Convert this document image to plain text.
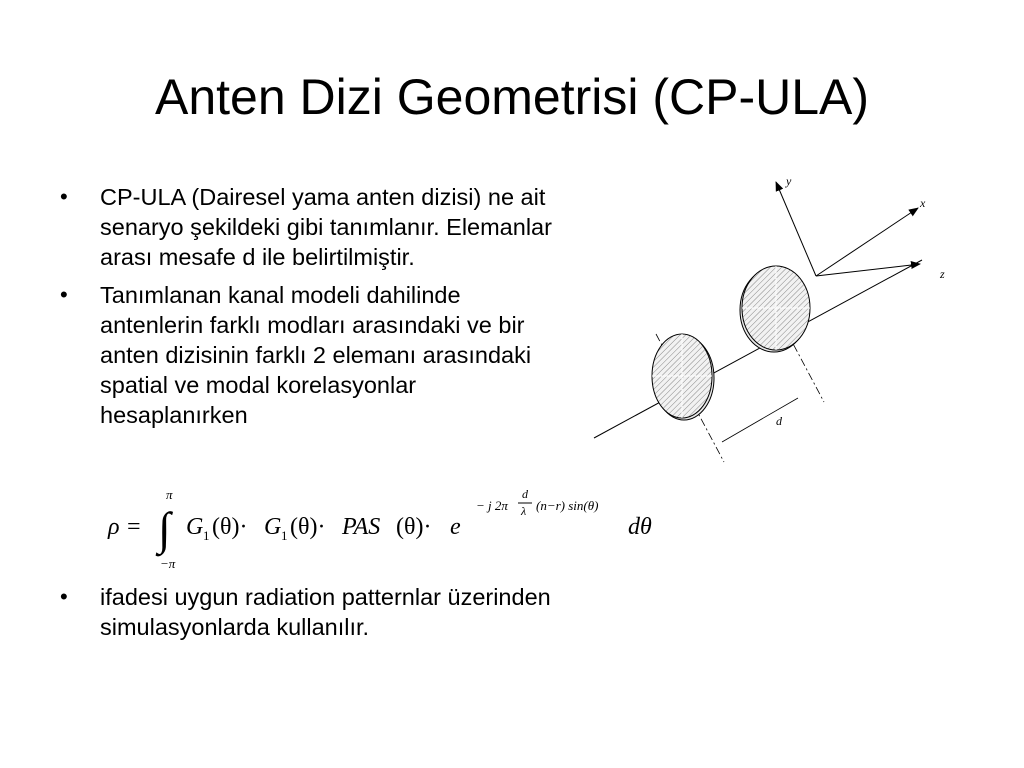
Anten Dizi Geometrisi (CP-ULA)
• CP-ULA (Dairesel yama anten dizisi) ne ait senaryo şekildeki gibi tanımlanır. Elemanlar arası mesafe d ile belirtilmiştir.
• Tanımlanan kanal modeli dahilinde antenlerin farklı modları arasındaki ve bir anten dizisinin farklı 2 elemanı arasındaki spatial ve modal korelasyonlar hesaplanırken
ρ =
π
∫
−π
G 1 (θ)· G 1 (θ)· PAS (θ)· e
− j 2π
d
λ (n−r) sin(θ)
dθ
• ifadesi uygun radiation patternlar üzerinden simulasyonlarda kullanılır.
y
x
z
d
